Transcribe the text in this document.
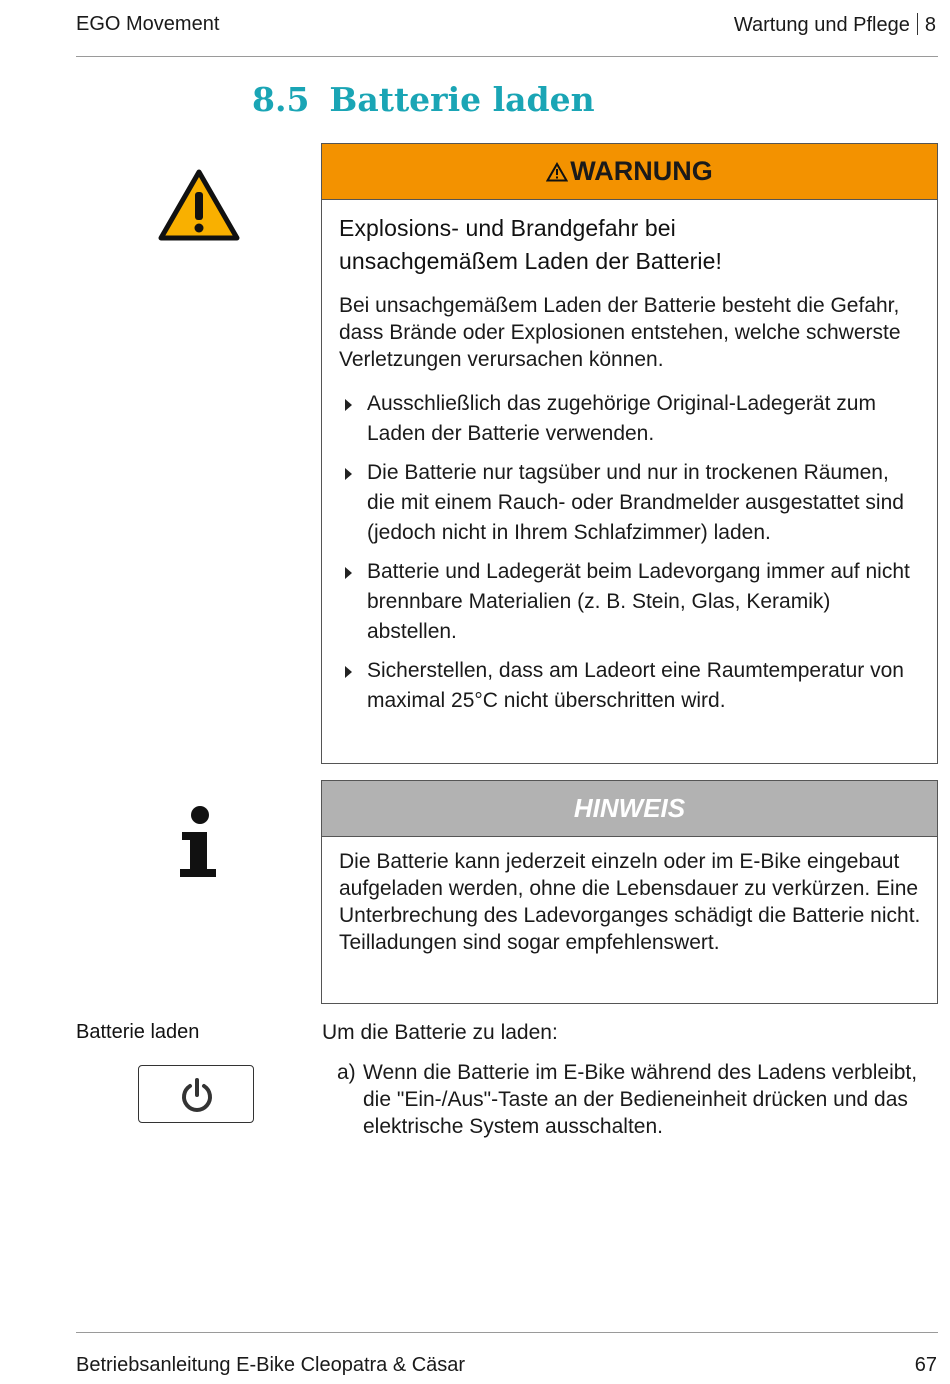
EGO Movement	Wartung und Pflege 8
8.5 Batterie laden
WARNUNG
Explosions- und Brandgefahr bei
unsachgemäßem Laden der Batterie!

Bei unsachgemäßem Laden der Batterie besteht die Gefahr, dass Brände oder Explosionen entstehen, welche schwerste Verletzungen verursachen können.

Ausschließlich das zugehörige Original-Ladegerät zum Laden der Batterie verwenden.
Die Batterie nur tagsüber und nur in trockenen Räumen, die mit einem Rauch- oder Brandmelder ausgestattet sind (jedoch nicht in Ihrem Schlafzimmer) laden.
Batterie und Ladegerät beim Ladevorgang immer auf nicht brennbare Materialien (z. B. Stein, Glas, Keramik) abstellen.
Sicherstellen, dass am Ladeort eine Raumtemperatur von maximal 25°C nicht überschritten wird.
HINWEIS
Die Batterie kann jederzeit einzeln oder im E-Bike eingebaut aufgeladen werden, ohne die Lebensdauer zu verkürzen. Eine Unterbrechung des Ladevorganges schädigt die Batterie nicht. Teilladungen sind sogar empfehlenswert.
Batterie laden	Um die Batterie zu laden:
a) Wenn die Batterie im E-Bike während des Ladens verbleibt, die "Ein-/Aus"-Taste an der Bedieneinheit drücken und das elektrische System ausschalten.
Betriebsanleitung E-Bike Cleopatra & Cäsar	67
